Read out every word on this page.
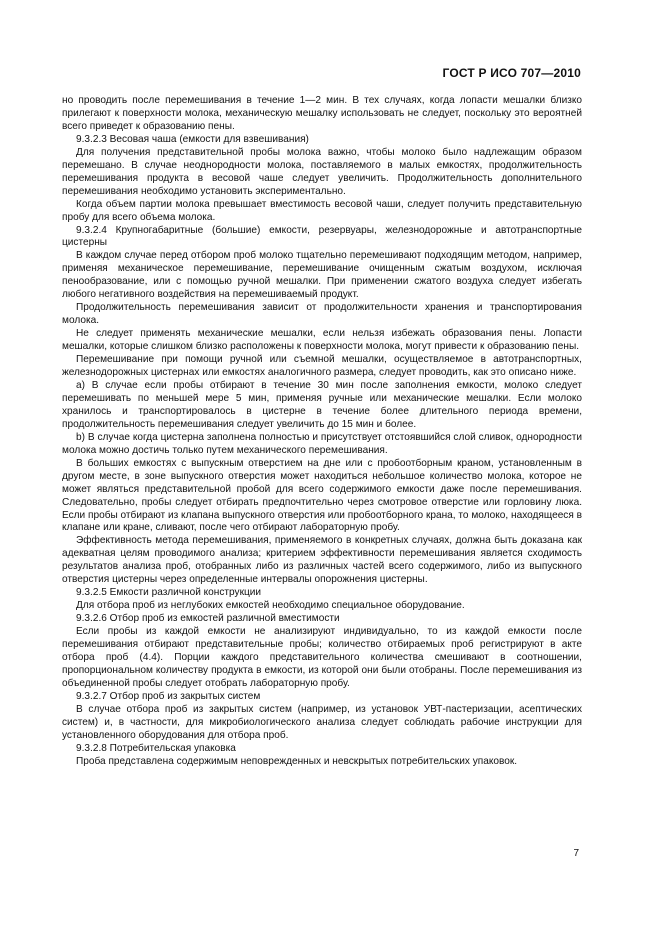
ГОСТ Р ИСО 707—2010

но проводить после перемешивания в течение 1—2 мин. В тех случаях, когда лопасти мешалки близко прилегают к поверхности молока, механическую мешалку использовать не следует, поскольку это вероятней всего приведет к образованию пены.

9.3.2.3 Весовая чаша (емкости для взвешивания)

Для получения представительной пробы молока важно, чтобы молоко было надлежащим образом перемешано. В случае неоднородности молока, поставляемого в малых емкостях, продолжительность перемешивания продукта в весовой чаше следует увеличить. Продолжительность дополнительного перемешивания необходимо установить экспериментально.

Когда объем партии молока превышает вместимость весовой чаши, следует получить представительную пробу для всего объема молока.

9.3.2.4 Крупногабаритные (большие) емкости, резервуары, железнодорожные и автотранспортные цистерны

В каждом случае перед отбором проб молоко тщательно перемешивают подходящим методом, например, применяя механическое перемешивание, перемешивание очищенным сжатым воздухом, исключая пенообразование, или с помощью ручной мешалки. При применении сжатого воздуха следует избегать любого негативного воздействия на перемешиваемый продукт.

Продолжительность перемешивания зависит от продолжительности хранения и транспортирования молока.

Не следует применять механические мешалки, если нельзя избежать образования пены. Лопасти мешалки, которые слишком близко расположены к поверхности молока, могут привести к образованию пены.

Перемешивание при помощи ручной или съемной мешалки, осуществляемое в автотранспортных, железнодорожных цистернах или емкостях аналогичного размера, следует проводить, как это описано ниже.

a) В случае если пробы отбирают в течение 30 мин после заполнения емкости, молоко следует перемешивать по меньшей мере 5 мин, применяя ручные или механические мешалки. Если молоко хранилось и транспортировалось в цистерне в течение более длительного периода времени, продолжительность перемешивания следует увеличить до 15 мин и более.

b) В случае когда цистерна заполнена полностью и присутствует отстоявшийся слой сливок, однородности молока можно достичь только путем механического перемешивания.

В больших емкостях с выпускным отверстием на дне или с пробоотборным краном, установленным в другом месте, в зоне выпускного отверстия может находиться небольшое количество молока, которое не может являться представительной пробой для всего содержимого емкости даже после перемешивания. Следовательно, пробы следует отбирать предпочтительно через смотровое отверстие или горловину люка. Если пробы отбирают из клапана выпускного отверстия или пробоотборного крана, то молоко, находящееся в клапане или кране, сливают, после чего отбирают лабораторную пробу.

Эффективность метода перемешивания, применяемого в конкретных случаях, должна быть доказана как адекватная целям проводимого анализа; критерием эффективности перемешивания является сходимость результатов анализа проб, отобранных либо из различных частей всего содержимого, либо из выпускного отверстия цистерны через определенные интервалы опорожнения цистерны.

9.3.2.5 Емкости различной конструкции

Для отбора проб из неглубоких емкостей необходимо специальное оборудование.

9.3.2.6 Отбор проб из емкостей различной вместимости

Если пробы из каждой емкости не анализируют индивидуально, то из каждой емкости после перемешивания отбирают представительные пробы; количество отбираемых проб регистрируют в акте отбора проб (4.4). Порции каждого представительного количества смешивают в соотношении, пропорциональном количеству продукта в емкости, из которой они были отобраны. После перемешивания из объединенной пробы следует отобрать лабораторную пробу.

9.3.2.7 Отбор проб из закрытых систем

В случае отбора проб из закрытых систем (например, из установок УВТ-пастеризации, асептических систем) и, в частности, для микробиологического анализа следует соблюдать рабочие инструкции для установленного оборудования для отбора проб.

9.3.2.8 Потребительская упаковка

Проба представлена содержимым неповрежденных и невскрытых потребительских упаковок.

7
